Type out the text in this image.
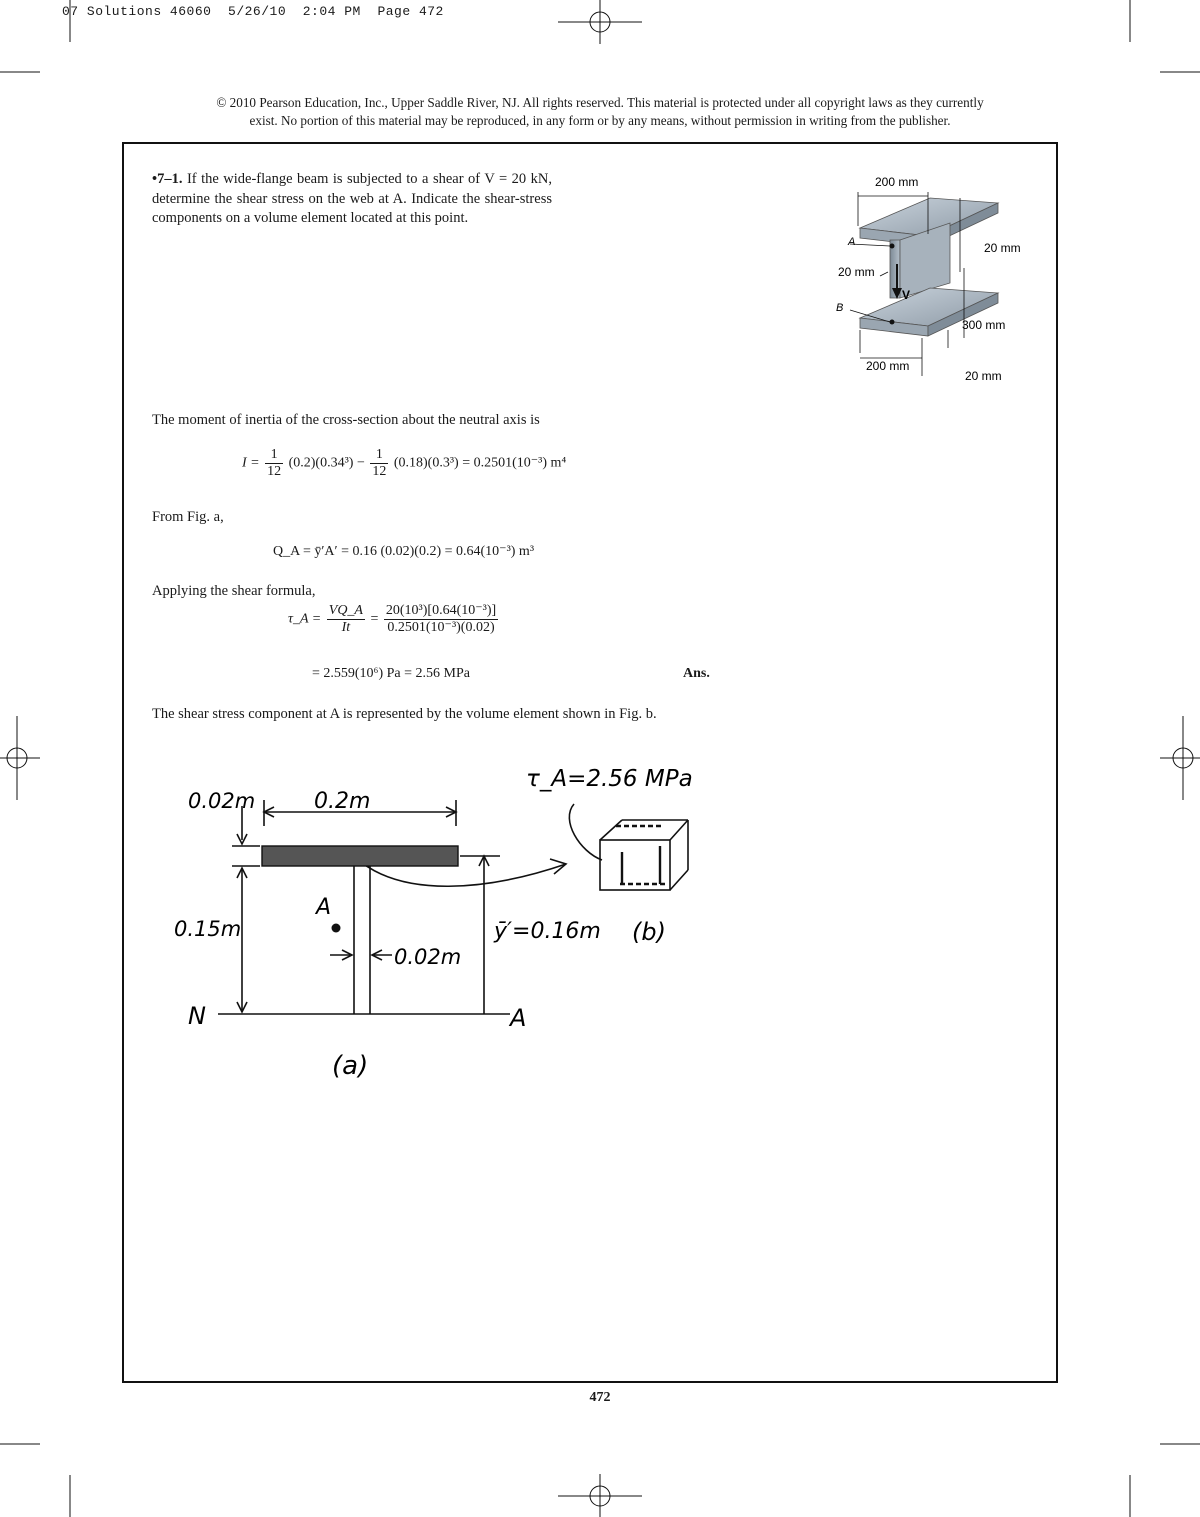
07 Solutions 46060  5/26/10  2:04 PM  Page 472
© 2010 Pearson Education, Inc., Upper Saddle River, NJ. All rights reserved. This material is protected under all copyright laws as they currently
exist. No portion of this material may be reproduced, in any form or by any means, without permission in writing from the publisher.
•7–1. If the wide-flange beam is subjected to a shear of V = 20 kN, determine the shear stress on the web at A. Indicate the shear-stress components on a volume element located at this point.
200 mm
20 mm
A
20 mm
B
V
300 mm
200 mm
20 mm
The moment of inertia of the cross-section about the neutral axis is
$I = \frac{1}{12} (0.2)(0.34^3) - \frac{1}{12} (0.18)(0.3^3) = 0.2501(10^{-3})$ m⁴
From Fig. a,
Q_A = ȳ′A′ = 0.16 (0.02)(0.2) = 0.64(10⁻³) m³
Applying the shear formula,
τ_A = $\frac{VQ\_A}{It} = \frac{\text{20(10³)[0.64(10⁻³)]}}{\text{0.2501(10⁻³)(0.02)}}$
= 2.559(10⁶) Pa = 2.56 MPa	Ans.
The shear stress component at A is represented by the volume element shown in Fig. b.
0.02m	0.2m
0.15m
0.02m
ȳ′=0.16m
A
N	A
(a)
(b)
τ_A=2.56 MPa
472
